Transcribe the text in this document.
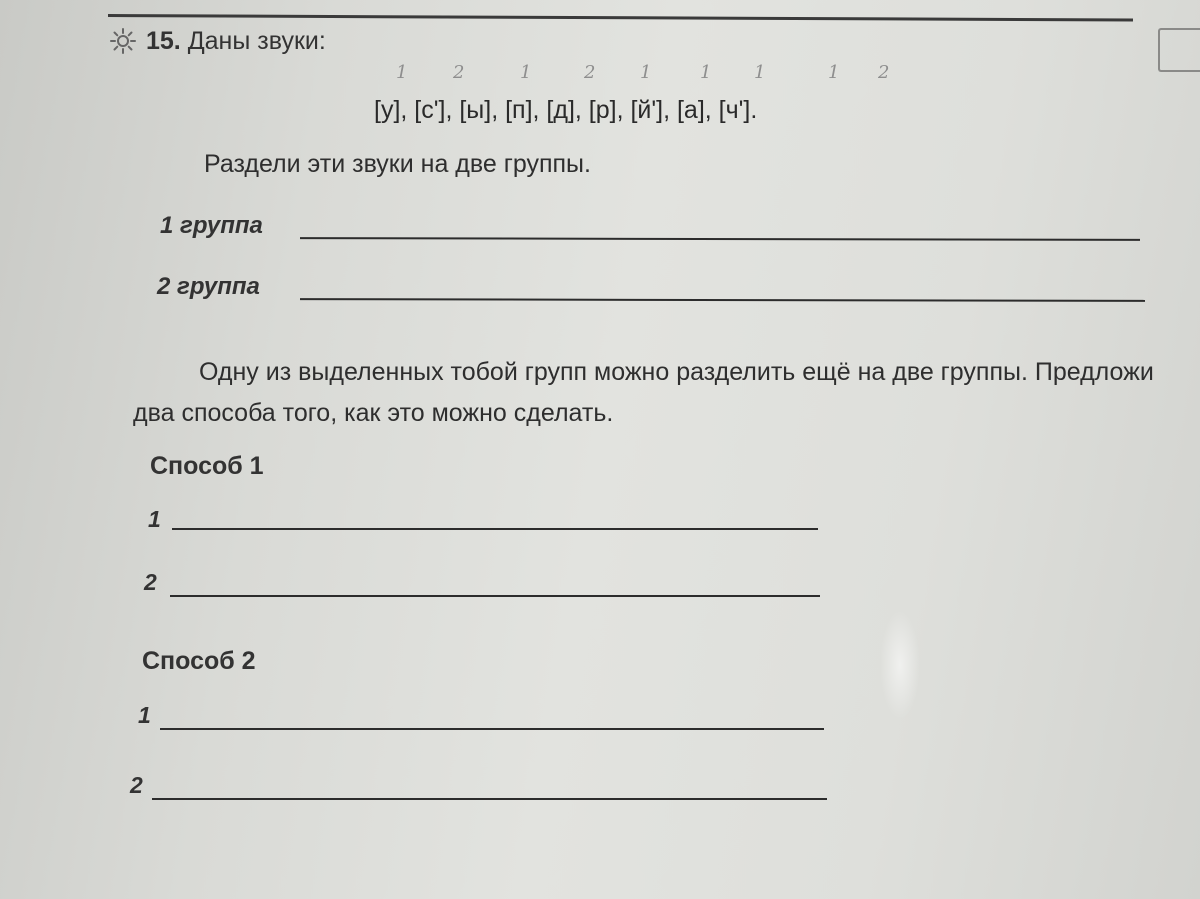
15. Даны звуки:
1	2	1	2 1	1 1	1 2
[у], [с'], [ы], [п], [д], [р], [й'], [а], [ч'].
Раздели эти звуки на две группы.
1 группа
2 группа
Одну из выделенных тобой групп можно разделить ещё на две группы. Предложи два способа того, как это можно сделать.
Способ 1
1
2
Способ 2
1
2
